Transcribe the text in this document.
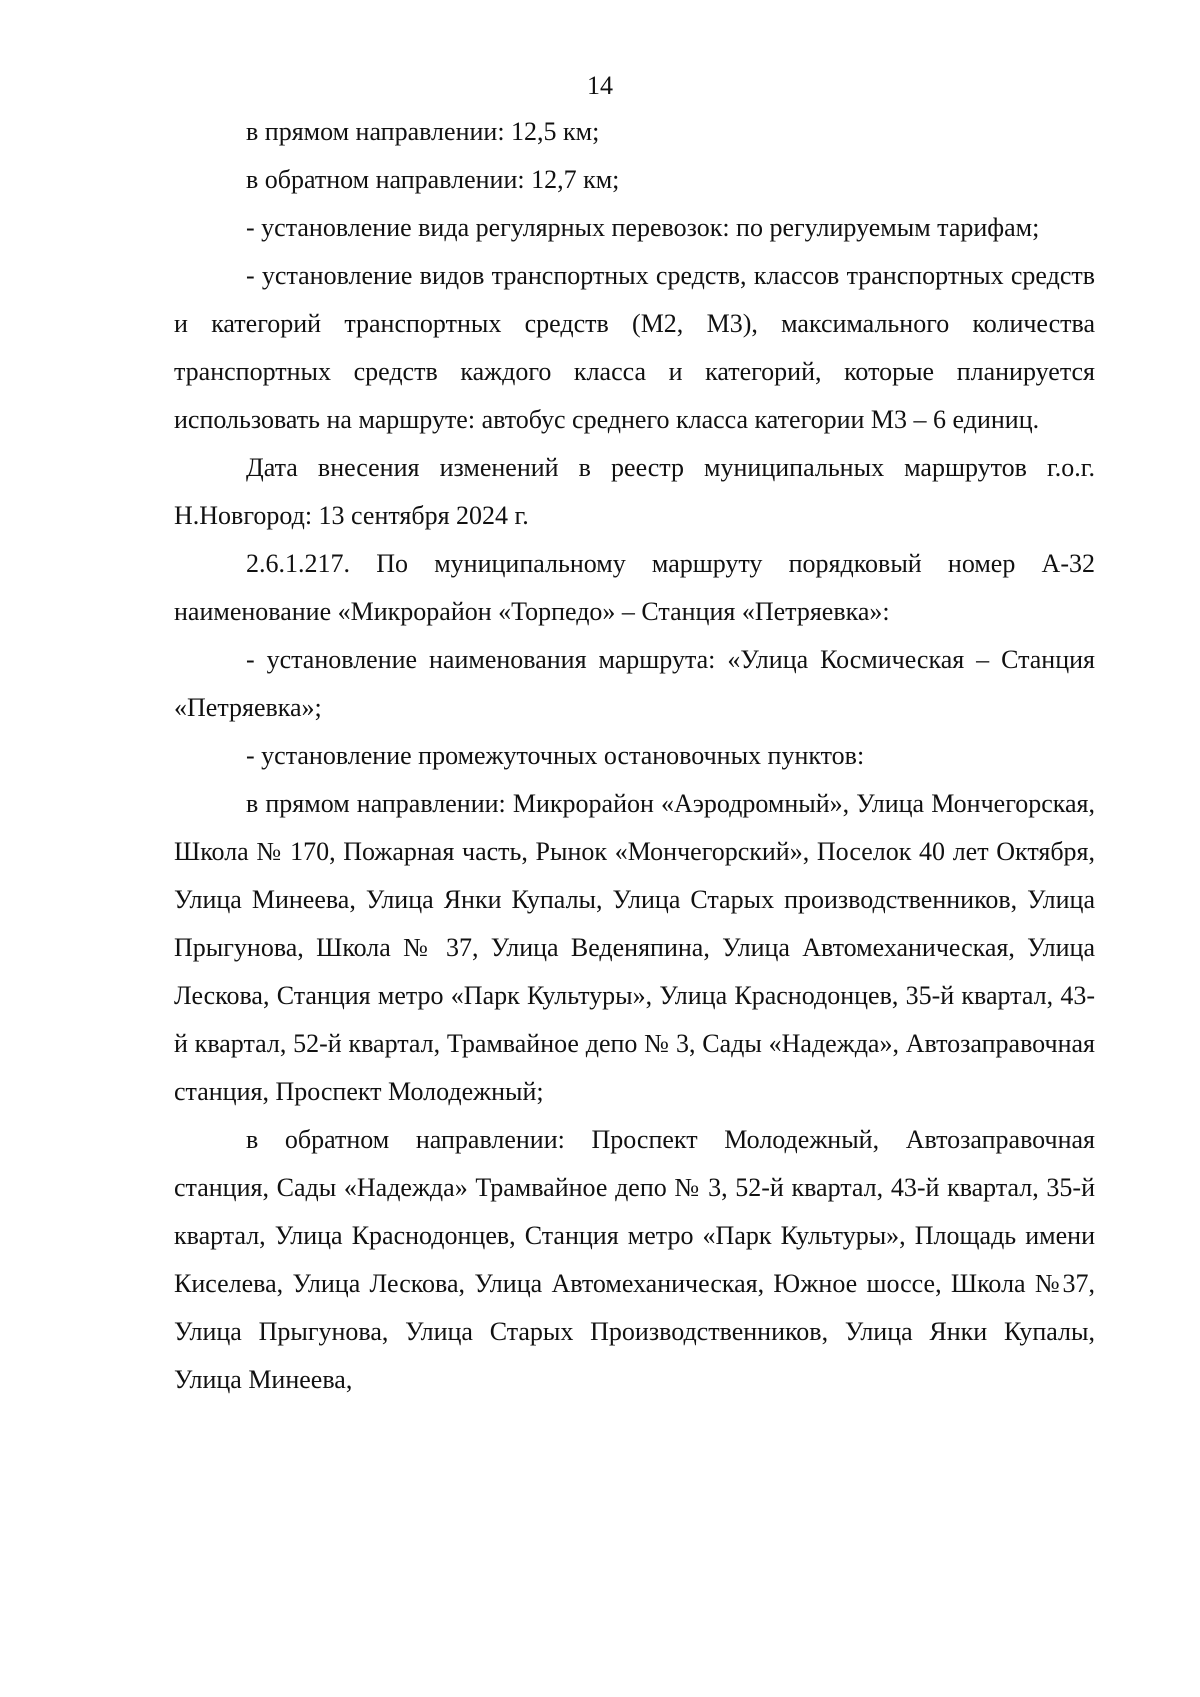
14

в прямом направлении: 12,5 км;

в обратном направлении: 12,7 км;

- установление вида регулярных перевозок: по регулируемым тарифам;

- установление видов транспортных средств, классов транспортных средств и категорий транспортных средств (М2, М3), максимального количества транспортных средств каждого класса и категорий, которые планируется использовать на маршруте: автобус среднего класса категории М3 – 6 единиц.

Дата внесения изменений в реестр муниципальных маршрутов г.о.г. Н.Новгород: 13 сентября 2024 г.

2.6.1.217. По муниципальному маршруту порядковый номер А-32 наименование «Микрорайон «Торпедо» – Станция «Петряевка»:

- установление наименования маршрута: «Улица Космическая – Станция «Петряевка»;

- установление промежуточных остановочных пунктов:

в прямом направлении: Микрорайон «Аэродромный», Улица Мончегорская, Школа № 170, Пожарная часть, Рынок «Мончегорский», Поселок 40 лет Октября, Улица Минеева, Улица Янки Купалы, Улица Старых производственников, Улица Прыгунова, Школа № 37, Улица Веденяпина, Улица Автомеханическая, Улица Лескова, Станция метро «Парк Культуры», Улица Краснодонцев, 35-й квартал, 43-й квартал, 52-й квартал, Трамвайное депо № 3, Сады «Надежда», Автозаправочная станция, Проспект Молодежный;

в обратном направлении: Проспект Молодежный, Автозаправочная станция, Сады «Надежда» Трамвайное депо № 3, 52-й квартал, 43-й квартал, 35-й квартал, Улица Краснодонцев, Станция метро «Парк Культуры», Площадь имени Киселева, Улица Лескова, Улица Автомеханическая, Южное шоссе, Школа №37, Улица Прыгунова, Улица Старых Производственников, Улица Янки Купалы, Улица Минеева,
